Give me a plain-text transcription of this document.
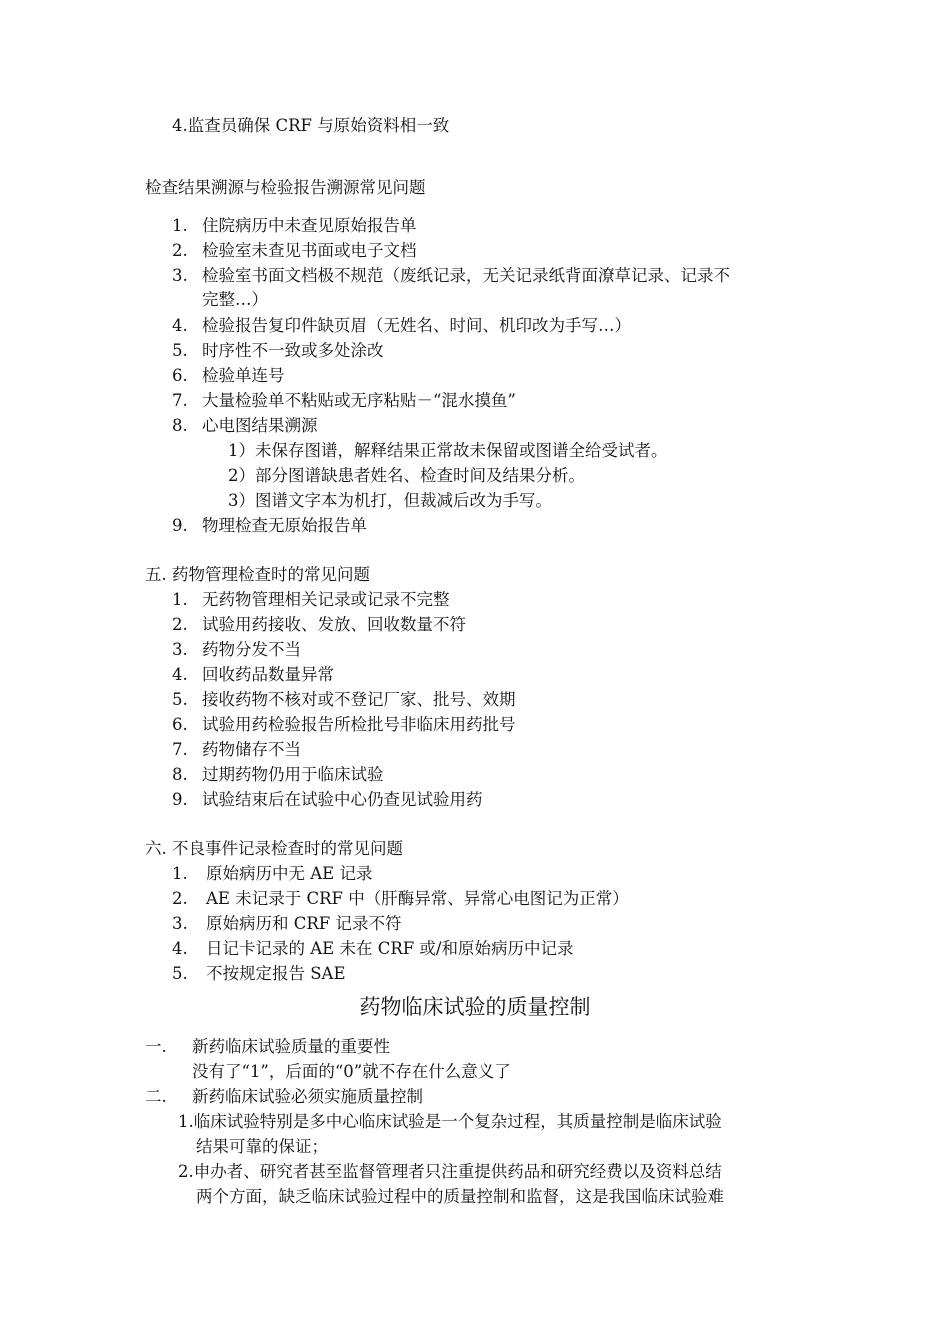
4.监查员确保 CRF 与原始资料相一致
检查结果溯源与检验报告溯源常见问题
1. 住院病历中未查见原始报告单
2. 检验室未查见书面或电子文档
3. 检验室书面文档极不规范（废纸记录，无关记录纸背面潦草记录、记录不
完整…）
4. 检验报告复印件缺页眉（无姓名、时间、机印改为手写…）
5. 时序性不一致或多处涂改
6. 检验单连号
7. 大量检验单不粘贴或无序粘贴－“混水摸鱼”
8. 心电图结果溯源
1）未保存图谱，解释结果正常故未保留或图谱全给受试者。
2）部分图谱缺患者姓名、检查时间及结果分析。
3）图谱文字本为机打，但裁减后改为手写。
9. 物理检查无原始报告单
五. 药物管理检查时的常见问题
1. 无药物管理相关记录或记录不完整
2. 试验用药接收、发放、回收数量不符
3. 药物分发不当
4. 回收药品数量异常
5. 接收药物不核对或不登记厂家、批号、效期
6. 试验用药检验报告所检批号非临床用药批号
7. 药物储存不当
8. 过期药物仍用于临床试验
9. 试验结束后在试验中心仍查见试验用药
六. 不良事件记录检查时的常见问题
1. 原始病历中无 AE 记录
2. AE 未记录于 CRF 中（肝酶异常、异常心电图记为正常）
3. 原始病历和 CRF 记录不符
4. 日记卡记录的 AE 未在 CRF 或/和原始病历中记录
5. 不按规定报告 SAE
药物临床试验的质量控制
一. 新药临床试验质量的重要性
没有了“1”，后面的“0”就不存在什么意义了
二. 新药临床试验必须实施质量控制
1.临床试验特别是多中心临床试验是一个复杂过程，其质量控制是临床试验
结果可靠的保证；
2.申办者、研究者甚至监督管理者只注重提供药品和研究经费以及资料总结
两个方面，缺乏临床试验过程中的质量控制和监督，这是我国临床试验难
